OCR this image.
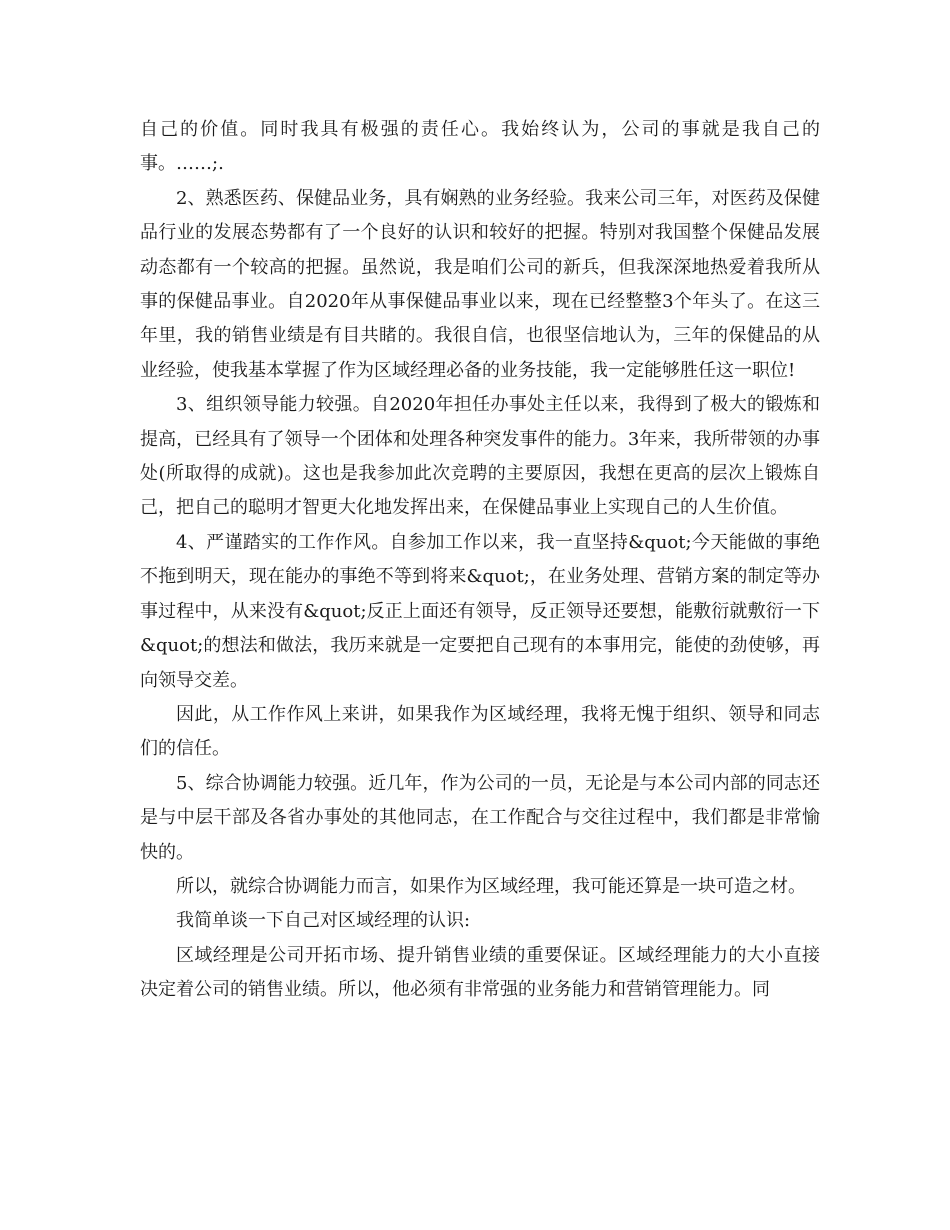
自己的价值。同时我具有极强的责任心。我始终认为，公司的事就是我自己的事。……;.

2、熟悉医药、保健品业务，具有娴熟的业务经验。我来公司三年，对医药及保健品行业的发展态势都有了一个良好的认识和较好的把握。特别对我国整个保健品发展动态都有一个较高的把握。虽然说，我是咱们公司的新兵，但我深深地热爱着我所从事的保健品事业。自2020年从事保健品事业以来，现在已经整整3个年头了。在这三年里，我的销售业绩是有目共睹的。我很自信，也很坚信地认为，三年的保健品的从业经验，使我基本掌握了作为区域经理必备的业务技能，我一定能够胜任这一职位!

3、组织领导能力较强。自2020年担任办事处主任以来，我得到了极大的锻炼和提高，已经具有了领导一个团体和处理各种突发事件的能力。3年来，我所带领的办事处(所取得的成就)。这也是我参加此次竞聘的主要原因，我想在更高的层次上锻炼自己，把自己的聪明才智更大化地发挥出来，在保健品事业上实现自己的人生价值。

4、严谨踏实的工作作风。自参加工作以来，我一直坚持&quot;今天能做的事绝不拖到明天，现在能办的事绝不等到将来&quot;，在业务处理、营销方案的制定等办事过程中，从来没有&quot;反正上面还有领导，反正领导还要想，能敷衍就敷衍一下&quot;的想法和做法，我历来就是一定要把自己现有的本事用完，能使的劲使够，再向领导交差。

因此，从工作作风上来讲，如果我作为区域经理，我将无愧于组织、领导和同志们的信任。

5、综合协调能力较强。近几年，作为公司的一员，无论是与本公司内部的同志还是与中层干部及各省办事处的其他同志，在工作配合与交往过程中，我们都是非常愉快的。

所以，就综合协调能力而言，如果作为区域经理，我可能还算是一块可造之材。

我简单谈一下自己对区域经理的认识:

区域经理是公司开拓市场、提升销售业绩的重要保证。区域经理能力的大小直接决定着公司的销售业绩。所以，他必须有非常强的业务能力和营销管理能力。同
